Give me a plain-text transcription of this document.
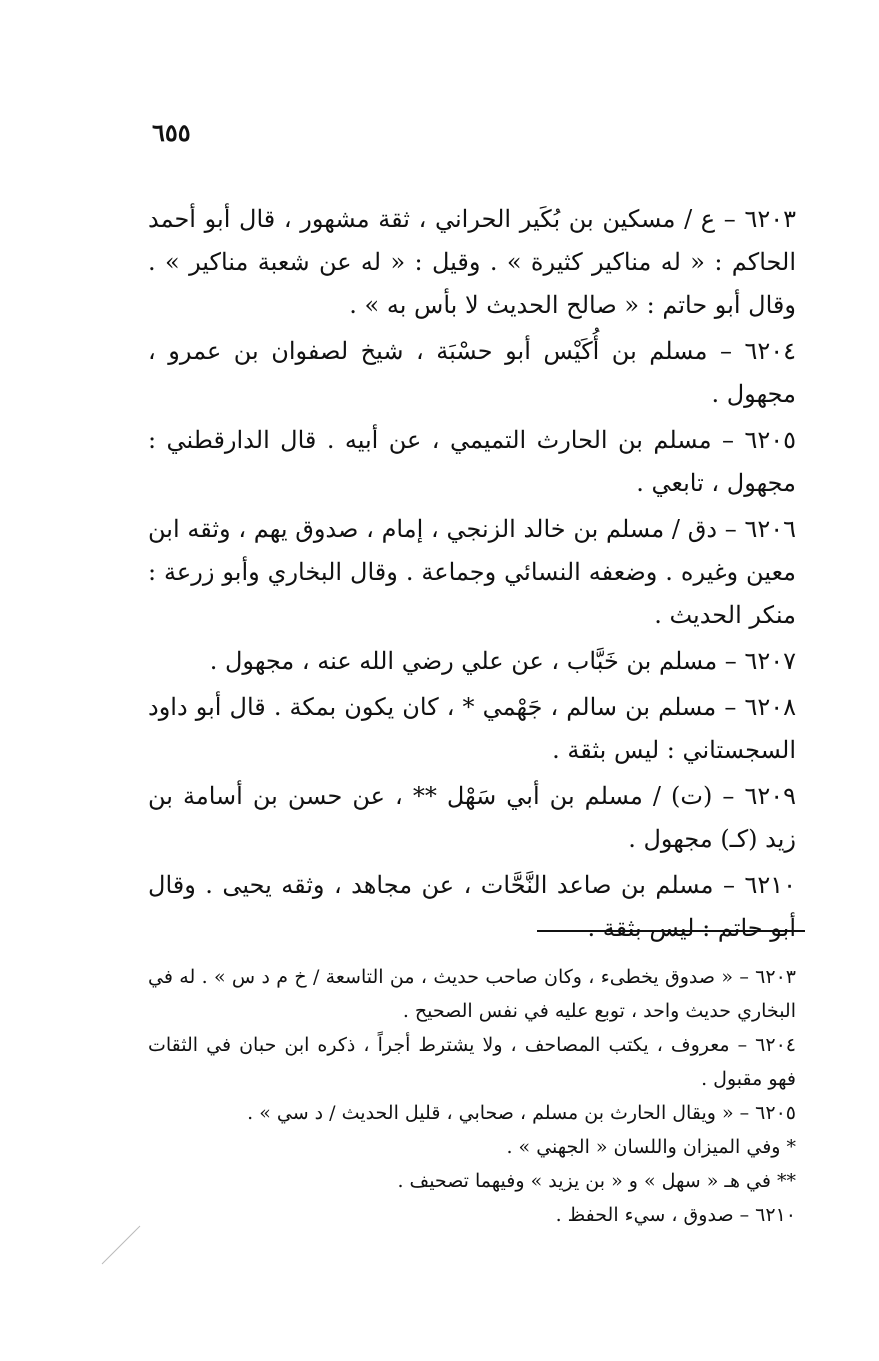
٦٥٥

٦٢٠٣ – ع / مسكين بن بُكَير الحراني ، ثقة مشهور ، قال أبو أحمد الحاكم : « له مناكير كثيرة » . وقيل : « له عن شعبة مناكير » . وقال أبو حاتم : « صالح الحديث لا بأس به » .

٦٢٠٤ – مسلم بن أُكَيْس أبو حسْبَة ، شيخ لصفوان بن عمرو ، مجهول .

٦٢٠٥ – مسلم بن الحارث التميمي ، عن أبيه . قال الدارقطني : مجهول ، تابعي .

٦٢٠٦ – دق / مسلم بن خالد الزنجي ، إمام ، صدوق يهم ، وثقه ابن معين وغيره . وضعفه النسائي وجماعة . وقال البخاري وأبو زرعة : منكر الحديث .

٦٢٠٧ – مسلم بن خَبَّاب ، عن علي رضي الله عنه ، مجهول .

٦٢٠٨ – مسلم بن سالم ، جَهْمي * ، كان يكون بمكة . قال أبو داود السجستاني : ليس بثقة .

٦٢٠٩ – (ت) / مسلم بن أبي سَهْل ** ، عن حسن بن أسامة بن زيد (كـ) مجهول .

٦٢١٠ – مسلم بن صاعد النَّحَّات ، عن مجاهد ، وثقه يحيى . وقال أبو حاتم : ليس بثقة .

٦٢٠٣ – « صدوق يخطىء ، وكان صاحب حديث ، من التاسعة / خ م د س » . له في البخاري حديث واحد ، توبع عليه في نفس الصحيح .

٦٢٠٤ – معروف ، يكتب المصاحف ، ولا يشترط أجراً ، ذكره ابن حبان في الثقات فهو مقبول .

٦٢٠٥ – « ويقال الحارث بن مسلم ، صحابي ، قليل الحديث / د سي » .

* وفي الميزان واللسان « الجهني » .

** في هـ « سهل » و « بن يزيد » وفيهما تصحيف .

٦٢١٠ – صدوق ، سيء الحفظ .
